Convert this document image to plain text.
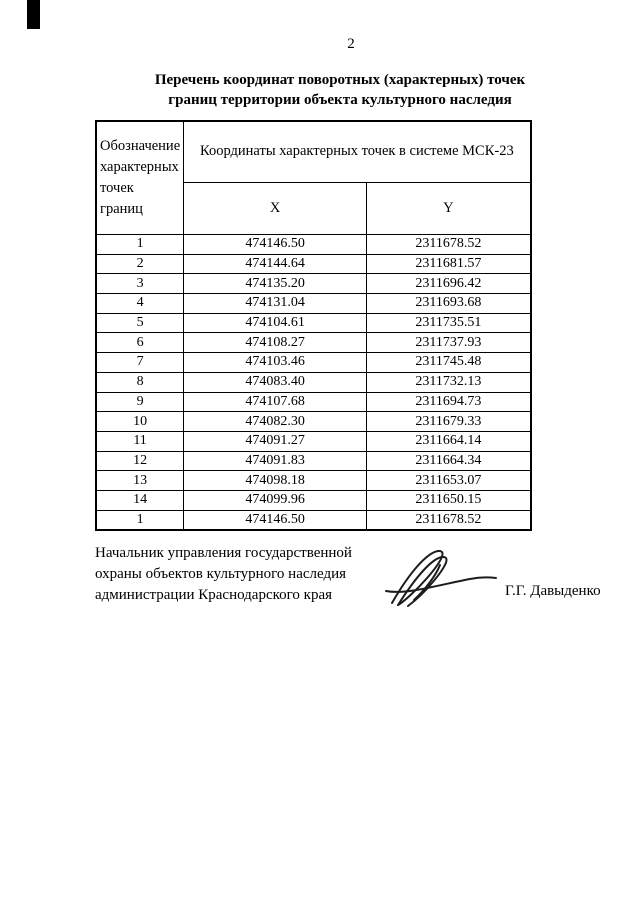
2
Перечень координат поворотных (характерных) точек
границ территории объекта культурного наследия
Обозначение характерных точек границ	Координаты характерных точек в системе МСК-23	
	X	Y
1	474146.50	2311678.52
2	474144.64	2311681.57
3	474135.20	2311696.42
4	474131.04	2311693.68
5	474104.61	2311735.51
6	474108.27	2311737.93
7	474103.46	2311745.48
8	474083.40	2311732.13
9	474107.68	2311694.73
10	474082.30	2311679.33
11	474091.27	2311664.14
12	474091.83	2311664.34
13	474098.18	2311653.07
14	474099.96	2311650.15
1	474146.50	2311678.52
Начальник управления государственной
охраны объектов культурного наследия
администрации Краснодарского края	Г.Г. Давыденко
